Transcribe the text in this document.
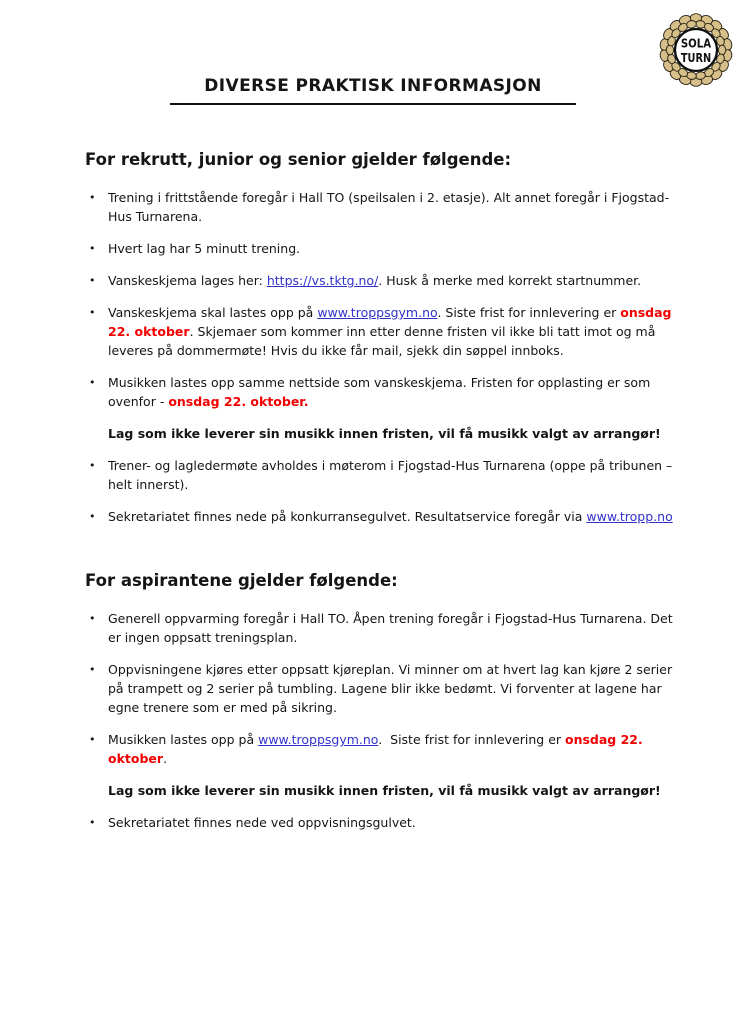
SOLA
TURN
DIVERSE PRAKTISK INFORMASJON
For rekrutt, junior og senior gjelder følgende:
•	Trening i frittstående foregår i Hall TO (speilsalen i 2. etasje). Alt annet foregår i Fjogstad-Hus Turnarena.
•	Hvert lag har 5 minutt trening.
•	Vanskeskjema lages her: https://vs.tktg.no/. Husk å merke med korrekt startnummer.
•	Vanskeskjema skal lastes opp på www.troppsgym.no. Siste frist for innlevering er onsdag 22. oktober. Skjemaer som kommer inn etter denne fristen vil ikke bli tatt imot og må leveres på dommermøte! Hvis du ikke får mail, sjekk din søppel innboks.
•	Musikken lastes opp samme nettside som vanskeskjema. Fristen for opplasting er som ovenfor - onsdag 22. oktober.
Lag som ikke leverer sin musikk innen fristen, vil få musikk valgt av arrangør!
•	Trener- og lagledermøte avholdes i møterom i Fjogstad-Hus Turnarena (oppe på tribunen – helt innerst).
•	Sekretariatet finnes nede på konkurransegulvet. Resultatservice foregår via www.tropp.no
For aspirantene gjelder følgende:
•	Generell oppvarming foregår i Hall TO. Åpen trening foregår i Fjogstad-Hus Turnarena. Det er ingen oppsatt treningsplan.
•	Oppvisningene kjøres etter oppsatt kjøreplan. Vi minner om at hvert lag kan kjøre 2 serier på trampett og 2 serier på tumbling. Lagene blir ikke bedømt. Vi forventer at lagene har egne trenere som er med på sikring.
•	Musikken lastes opp på www.troppsgym.no.  Siste frist for innlevering er onsdag 22. oktober.
Lag som ikke leverer sin musikk innen fristen, vil få musikk valgt av arrangør!
•	Sekretariatet finnes nede ved oppvisningsgulvet.
